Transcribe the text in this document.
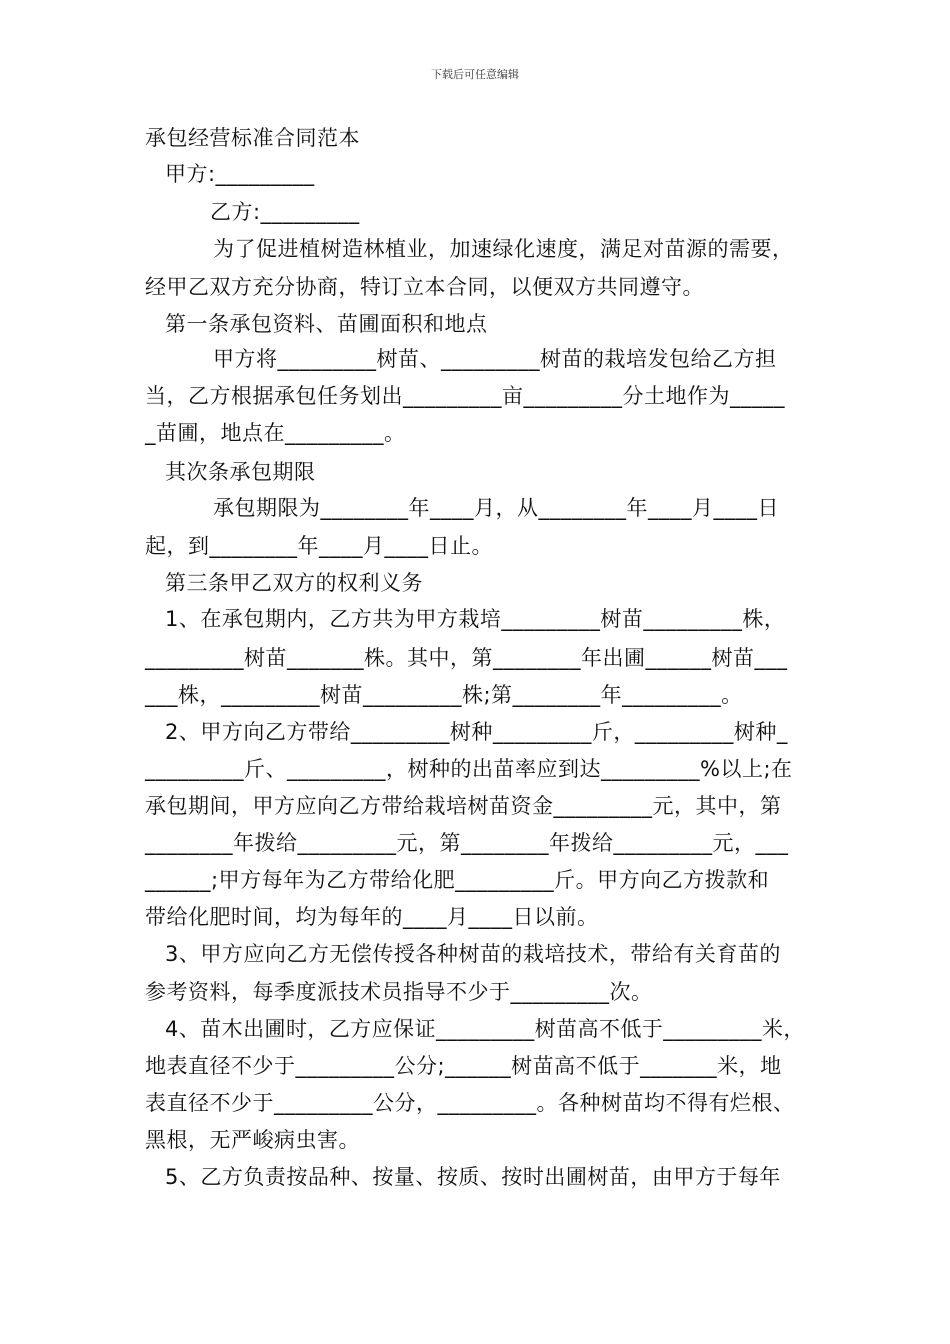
下载后可任意编辑
承包经营标准合同范本
甲方:_________
乙方:_________
为了促进植树造林植业，加速绿化速度，满足对苗源的需要，
经甲乙双方充分协商，特订立本合同，以便双方共同遵守。
第一条承包资料、苗圃面积和地点
甲方将_________树苗、_________树苗的栽培发包给乙方担
当，乙方根据承包任务划出_________亩_________分土地作为_____
_苗圃，地点在_________。
其次条承包期限
承包期限为________年____月，从________年____月____日
起，到________年____月____日止。
第三条甲乙双方的权利义务
1、在承包期内，乙方共为甲方栽培_________树苗_________株，
_________树苗_______株。其中，第________年出圃______树苗___
___株，_________树苗_________株;第________年_________。
2、甲方向乙方带给_________树种_________斤，_________树种_
_________斤、_________，树种的出苗率应到达_________%以上;在
承包期间，甲方应向乙方带给栽培树苗资金_________元，其中，第
________年拨给_________元，第________年拨给_________元，___
______;甲方每年为乙方带给化肥_________斤。甲方向乙方拨款和
带给化肥时间，均为每年的____月____日以前。
3、甲方应向乙方无偿传授各种树苗的栽培技术，带给有关育苗的
参考资料，每季度派技术员指导不少于_________次。
4、苗木出圃时，乙方应保证_________树苗高不低于_________米，
地表直径不少于_________公分;______树苗高不低于_______米，地
表直径不少于_________公分，_________。各种树苗均不得有烂根、
黑根，无严峻病虫害。
5、乙方负责按品种、按量、按质、按时出圃树苗，由甲方于每年
